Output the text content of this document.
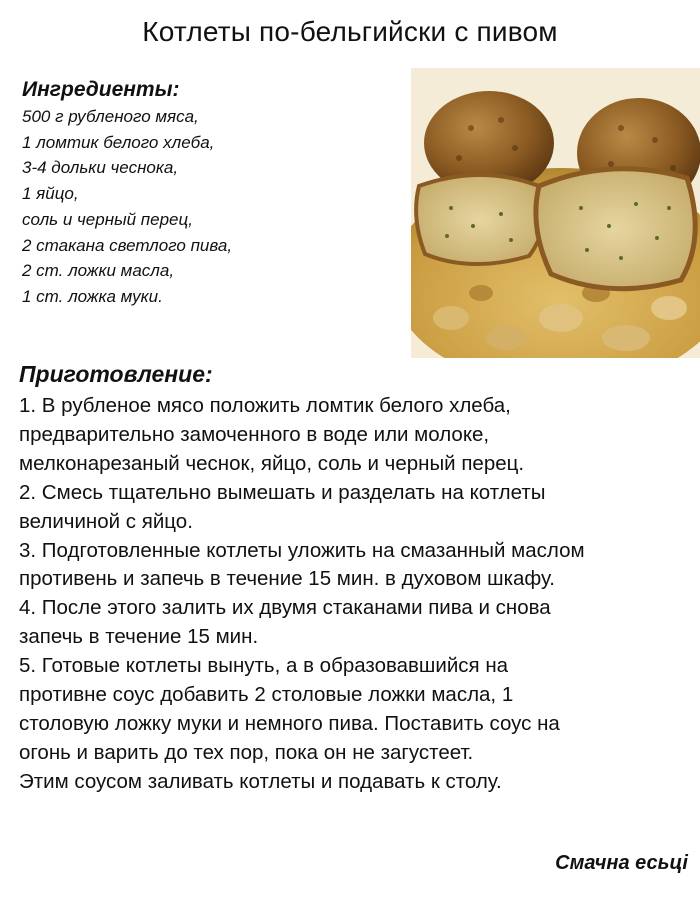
Котлеты по-бельгийски с пивом
Ингредиенты:
500 г рубленого мяса,
1 ломтик белого хлеба,
3-4 дольки чеснока,
1 яйцо,
соль и черный перец,
2 стакана светлого пива,
2 ст. ложки масла,
1 ст. ложка муки.
Приготовление:
1. В рубленое мясо положить ломтик белого хлеба,
предварительно замоченного в воде или молоке,
мелконарезаный чеснок, яйцо, соль и черный перец.
2. Смесь тщательно вымешать и разделать на котлеты
величиной с яйцо.
3. Подготовленные котлеты уложить на смазанный маслом
противень и запечь в течение 15 мин. в духовом шкафу.
4. После этого залить их двумя стаканами пива и снова
запечь в течение 15 мин.
5. Готовые котлеты вынуть, а в образовавшийся на
противне соус добавить 2 столовые ложки масла, 1
столовую ложку муки и немного пива. Поставить соус на
огонь и варить до тех пор, пока он не загустеет.
Этим соусом заливать котлеты и подавать к столу.
Смачна есьці
